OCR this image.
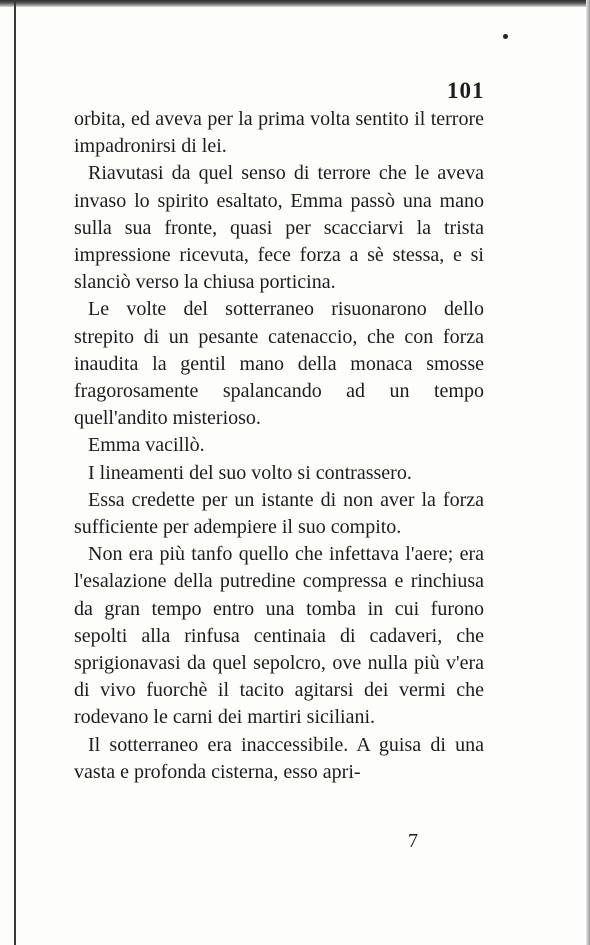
101

orbita, ed aveva per la prima volta sentito il terrore impadronirsi di lei.

Riavutasi da quel senso di terrore che le aveva invaso lo spirito esaltato, Emma passò una mano sulla sua fronte, quasi per scacciarvi la trista impressione ricevuta, fece forza a sè stessa, e si slanciò verso la chiusa porticina.

Le volte del sotterraneo risuonarono dello strepito di un pesante catenaccio, che con forza inaudita la gentil mano della monaca smosse fragorosamente spalancando ad un tempo quell'andito misterioso.

Emma vacillò.

I lineamenti del suo volto si contrassero.

Essa credette per un istante di non aver la forza sufficiente per adempiere il suo compito.

Non era più tanfo quello che infettava l'aere; era l'esalazione della putredine compressa e rinchiusa da gran tempo entro una tomba in cui furono sepolti alla rinfusa centinaia di cadaveri, che sprigionavasi da quel sepolcro, ove nulla più v'era di vivo fuorchè il tacito agitarsi dei vermi che rodevano le carni dei martiri siciliani.

Il sotterraneo era inaccessibile. A guisa di una vasta e profonda cisterna, esso apri-

7
